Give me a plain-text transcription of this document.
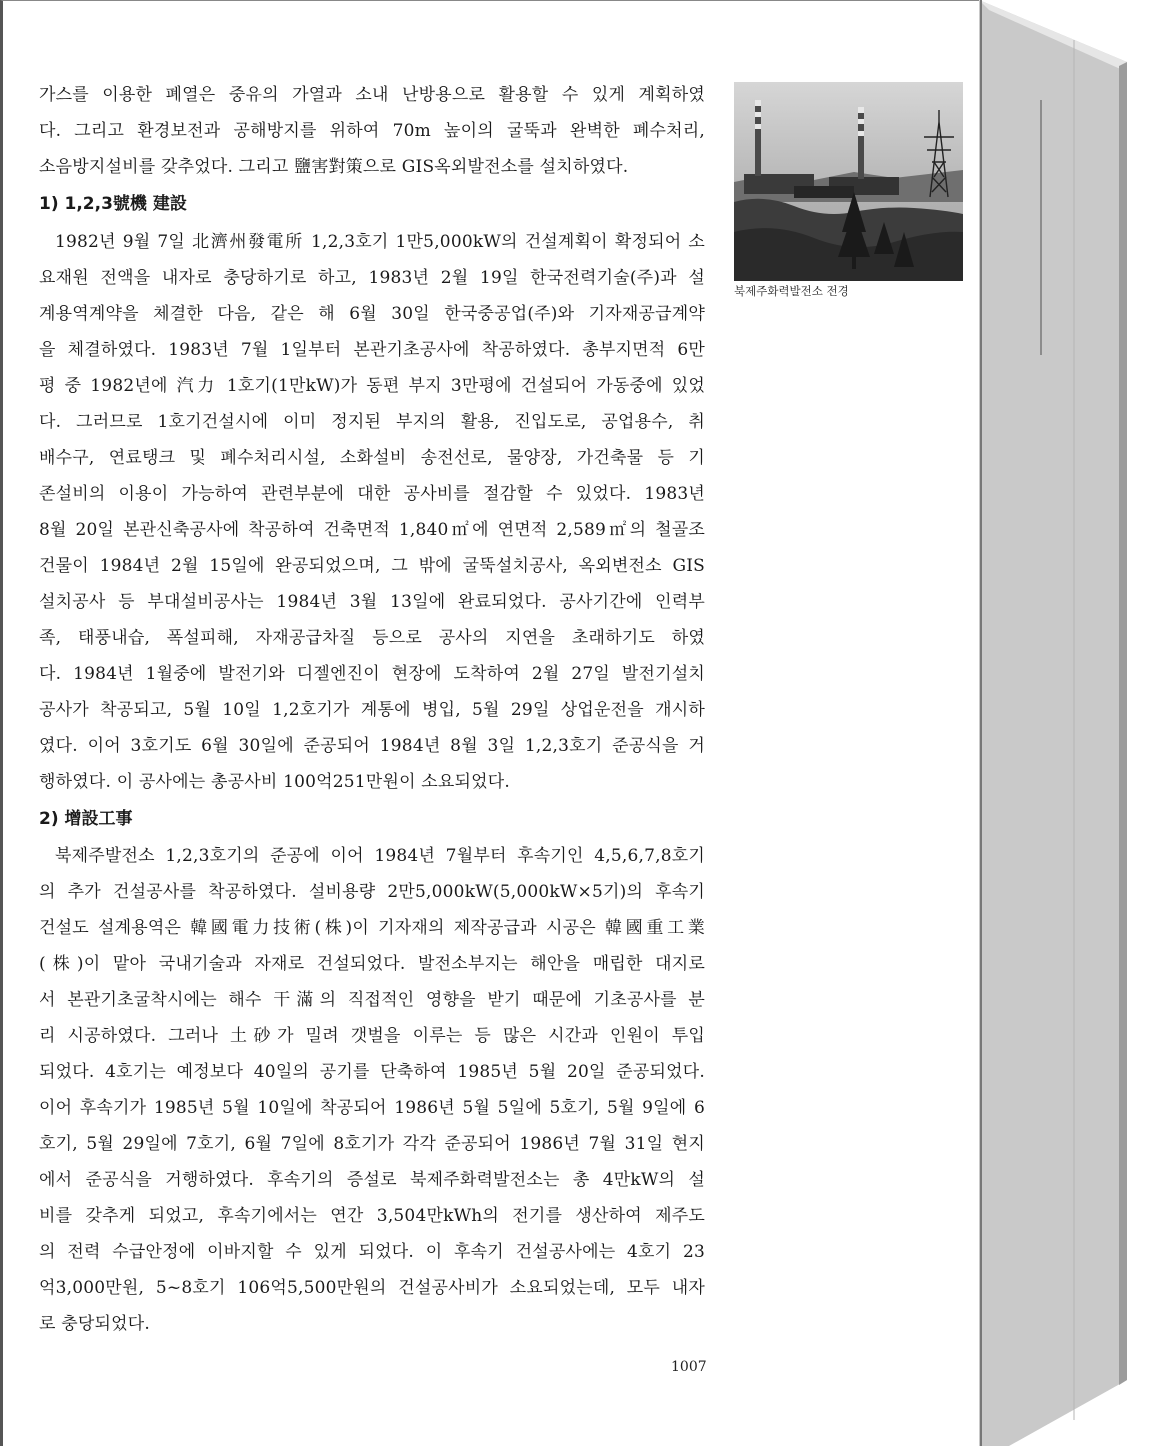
가스를 이용한 폐열은 중유의 가열과 소내 난방용으로 활용할 수 있게 계획하였
다. 그리고 환경보전과 공해방지를 위하여 70m 높이의 굴뚝과 완벽한 폐수처리,
소음방지설비를 갖추었다. 그리고 鹽害對策으로 GIS옥외발전소를 설치하였다.
1) 1,2,3號機 建設
1982년 9월 7일 北濟州發電所 1,2,3호기 1만5,000kW의 건설계획이 확정되어 소
요재원 전액을 내자로 충당하기로 하고, 1983년 2월 19일 한국전력기술(주)과 설
계용역계약을 체결한 다음, 같은 해 6월 30일 한국중공업(주)와 기자재공급계약
을 체결하였다. 1983년 7월 1일부터 본관기초공사에 착공하였다. 총부지면적 6만
평 중 1982년에 汽力 1호기(1만kW)가 동편 부지 3만평에 건설되어 가동중에 있었
다. 그러므로 1호기건설시에 이미 정지된 부지의 활용, 진입도로, 공업용수, 취
배수구, 연료탱크 및 폐수처리시설, 소화설비 송전선로, 물양장, 가건축물 등 기
존설비의 이용이 가능하여 관련부분에 대한 공사비를 절감할 수 있었다. 1983년
8월 20일 본관신축공사에 착공하여 건축면적 1,840㎡에 연면적 2,589㎡의 철골조
건물이 1984년 2월 15일에 완공되었으며, 그 밖에 굴뚝설치공사, 옥외변전소 GIS
설치공사 등 부대설비공사는 1984년 3월 13일에 완료되었다. 공사기간에 인력부
족, 태풍내습, 폭설피해, 자재공급차질 등으로 공사의 지연을 초래하기도 하였
다. 1984년 1월중에 발전기와 디젤엔진이 현장에 도착하여 2월 27일 발전기설치
공사가 착공되고, 5월 10일 1,2호기가 계통에 병입, 5월 29일 상업운전을 개시하
였다. 이어 3호기도 6월 30일에 준공되어 1984년 8월 3일 1,2,3호기 준공식을 거
행하였다. 이 공사에는 총공사비 100억251만원이 소요되었다.
2) 增設工事
북제주발전소 1,2,3호기의 준공에 이어 1984년 7월부터 후속기인 4,5,6,7,8호기
의 추가 건설공사를 착공하였다. 설비용량 2만5,000kW(5,000kW×5기)의 후속기
건설도 설계용역은 韓國電力技術(株)이 기자재의 제작공급과 시공은 韓國重工業
(株)이 맡아 국내기술과 자재로 건설되었다. 발전소부지는 해안을 매립한 대지로
서 본관기초굴착시에는 해수 干滿의 직접적인 영향을 받기 때문에 기초공사를 분
리 시공하였다. 그러나 土砂가 밀려 갯벌을 이루는 등 많은 시간과 인원이 투입
되었다. 4호기는 예정보다 40일의 공기를 단축하여 1985년 5월 20일 준공되었다.
이어 후속기가 1985년 5월 10일에 착공되어 1986년 5월 5일에 5호기, 5월 9일에 6
호기, 5월 29일에 7호기, 6월 7일에 8호기가 각각 준공되어 1986년 7월 31일 현지
에서 준공식을 거행하였다. 후속기의 증설로 북제주화력발전소는 총 4만kW의 설
비를 갖추게 되었고, 후속기에서는 연간 3,504만kWh의 전기를 생산하여 제주도
의 전력 수급안정에 이바지할 수 있게 되었다. 이 후속기 건설공사에는 4호기 23
억3,000만원, 5~8호기 106억5,500만원의 건설공사비가 소요되었는데, 모두 내자
로 충당되었다.
북제주화력발전소 전경
1007
